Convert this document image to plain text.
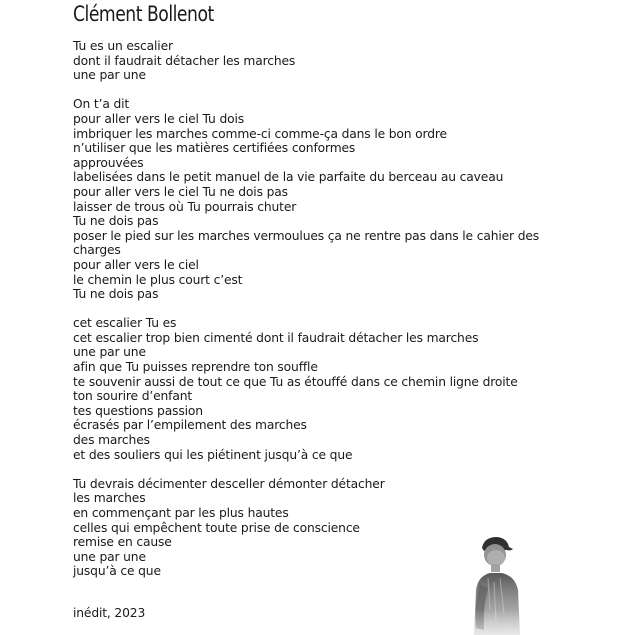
Clément Bollenot
Tu es un escalier
dont il faudrait détacher les marches
une par une
On t’a dit
pour aller vers le ciel Tu dois
imbriquer les marches comme-ci comme-ça dans le bon ordre
n’utiliser que les matières certifiées conformes
approuvées
labelisées dans le petit manuel de la vie parfaite du berceau au caveau
pour aller vers le ciel Tu ne dois pas
laisser de trous où Tu pourrais chuter
Tu ne dois pas
poser le pied sur les marches vermoulues ça ne rentre pas dans le cahier des charges
pour aller vers le ciel
le chemin le plus court c’est
Tu ne dois pas
cet escalier Tu es
cet escalier trop bien cimenté dont il faudrait détacher les marches
une par une
afin que Tu puisses reprendre ton souffle
te souvenir aussi de tout ce que Tu as étouffé dans ce chemin ligne droite
ton sourire d’enfant
tes questions passion
écrasés par l’empilement des marches
des marches
et des souliers qui les piétinent jusqu’à ce que
Tu devrais décimenter desceller démonter détacher
les marches
en commençant par les plus hautes
celles qui empêchent toute prise de conscience
remise en cause
une par une
jusqu’à ce que
inédit, 2023
